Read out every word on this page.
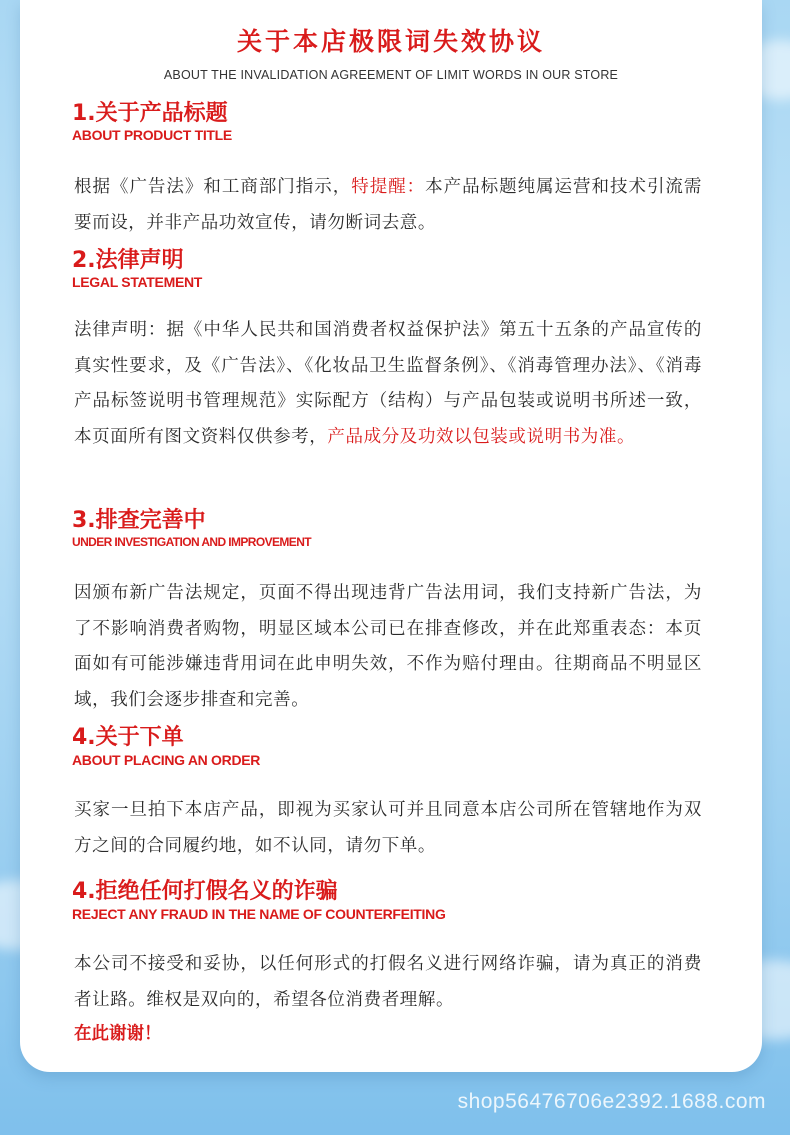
关于本店极限词失效协议
ABOUT THE INVALIDATION AGREEMENT OF LIMIT WORDS IN OUR STORE
1.关于产品标题
ABOUT PRODUCT TITLE
根据《广告法》和工商部门指示，特提醒：本产品标题纯属运营和技术引流需要而设，并非产品功效宣传，请勿断词去意。
2.法律声明
LEGAL STATEMENT
法律声明：据《中华人民共和国消费者权益保护法》第五十五条的产品宣传的真实性要求，及《广告法》、《化妆品卫生监督条例》、《消毒管理办法》、《消毒产品标签说明书管理规范》实际配方（结构）与产品包装或说明书所述一致，本页面所有图文资料仅供参考，产品成分及功效以包装或说明书为准。
3.排查完善中
UNDER INVESTIGATION AND IMPROVEMENT
因颁布新广告法规定，页面不得出现违背广告法用词，我们支持新广告法，为了不影响消费者购物，明显区域本公司已在排查修改，并在此郑重表态：本页面如有可能涉嫌违背用词在此申明失效，不作为赔付理由。往期商品不明显区域，我们会逐步排查和完善。
4.关于下单
ABOUT PLACING AN ORDER
买家一旦拍下本店产品，即视为买家认可并且同意本店公司所在管辖地作为双方之间的合同履约地，如不认同，请勿下单。
4.拒绝任何打假名义的诈骗
REJECT ANY FRAUD IN THE NAME OF COUNTERFEITING
本公司不接受和妥协，以任何形式的打假名义进行网络诈骗，请为真正的消费者让路。维权是双向的，希望各位消费者理解。
在此谢谢！
shop56476706e2392.1688.com
